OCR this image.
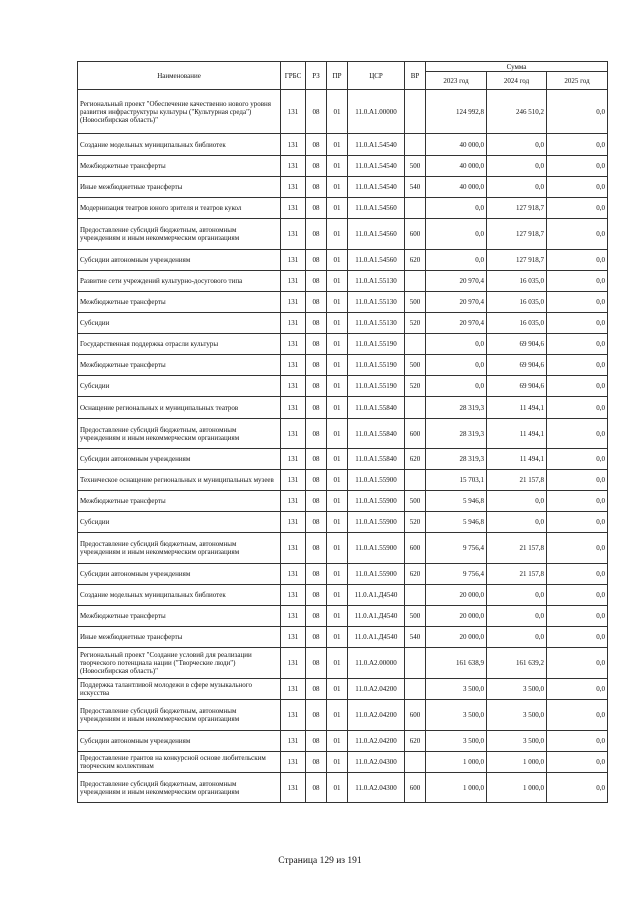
Наименование	ГРБС	РЗ	ПР	ЦСР	ВР	Сумма		
						2023 год	2024 год	2025 год
Региональный проект "Обеспечение качественно нового уровня развития инфраструктуры культуры ("Культурная среда") (Новосибирская область)"	131	08	01	11.0.А1.00000		124 992,8	246 510,2	0,0
Создание модельных муниципальных библиотек	131	08	01	11.0.А1.54540		40 000,0	0,0	0,0
Межбюджетные трансферты	131	08	01	11.0.А1.54540	500	40 000,0	0,0	0,0
Иные межбюджетные трансферты	131	08	01	11.0.А1.54540	540	40 000,0	0,0	0,0
Модернизация театров юного зрителя и театров кукол	131	08	01	11.0.А1.54560		0,0	127 918,7	0,0
Предоставление субсидий бюджетным, автономным учреждениям и иным некоммерческим организациям	131	08	01	11.0.А1.54560	600	0,0	127 918,7	0,0
Субсидии автономным учреждениям	131	08	01	11.0.А1.54560	620	0,0	127 918,7	0,0
Развитие сети учреждений культурно-досугового типа	131	08	01	11.0.А1.55130		20 970,4	16 035,0	0,0
Межбюджетные трансферты	131	08	01	11.0.А1.55130	500	20 970,4	16 035,0	0,0
Субсидии	131	08	01	11.0.А1.55130	520	20 970,4	16 035,0	0,0
Государственная поддержка отрасли культуры	131	08	01	11.0.А1.55190		0,0	69 904,6	0,0
Межбюджетные трансферты	131	08	01	11.0.А1.55190	500	0,0	69 904,6	0,0
Субсидии	131	08	01	11.0.А1.55190	520	0,0	69 904,6	0,0
Оснащение региональных и муниципальных театров	131	08	01	11.0.А1.55840		28 319,3	11 494,1	0,0
Предоставление субсидий бюджетным, автономным учреждениям и иным некоммерческим организациям	131	08	01	11.0.А1.55840	600	28 319,3	11 494,1	0,0
Субсидии автономным учреждениям	131	08	01	11.0.А1.55840	620	28 319,3	11 494,1	0,0
Техническое оснащение региональных и муниципальных музеев	131	08	01	11.0.А1.55900		15 703,1	21 157,8	0,0
Межбюджетные трансферты	131	08	01	11.0.А1.55900	500	5 946,8	0,0	0,0
Субсидии	131	08	01	11.0.А1.55900	520	5 946,8	0,0	0,0
Предоставление субсидий бюджетным, автономным учреждениям и иным некоммерческим организациям	131	08	01	11.0.А1.55900	600	9 756,4	21 157,8	0,0
Субсидии автономным учреждениям	131	08	01	11.0.А1.55900	620	9 756,4	21 157,8	0,0
Создание модельных муниципальных библиотек	131	08	01	11.0.А1.Д4540		20 000,0	0,0	0,0
Межбюджетные трансферты	131	08	01	11.0.А1.Д4540	500	20 000,0	0,0	0,0
Иные межбюджетные трансферты	131	08	01	11.0.А1.Д4540	540	20 000,0	0,0	0,0
Региональный проект "Создание условий для реализации творческого потенциала нации ("Творческие люди") (Новосибирская область)"	131	08	01	11.0.А2.00000		161 638,9	161 639,2	0,0
Поддержка талантливой молодежи в сфере музыкального искусства	131	08	01	11.0.А2.04200		3 500,0	3 500,0	0,0
Предоставление субсидий бюджетным, автономным учреждениям и иным некоммерческим организациям	131	08	01	11.0.А2.04200	600	3 500,0	3 500,0	0,0
Субсидии автономным учреждениям	131	08	01	11.0.А2.04200	620	3 500,0	3 500,0	0,0
Предоставление грантов на конкурсной основе любительским творческим коллективам	131	08	01	11.0.А2.04300		1 000,0	1 000,0	0,0
Предоставление субсидий бюджетным, автономным учреждениям и иным некоммерческим организациям	131	08	01	11.0.А2.04300	600	1 000,0	1 000,0	0,0
Страница 129 из 191
